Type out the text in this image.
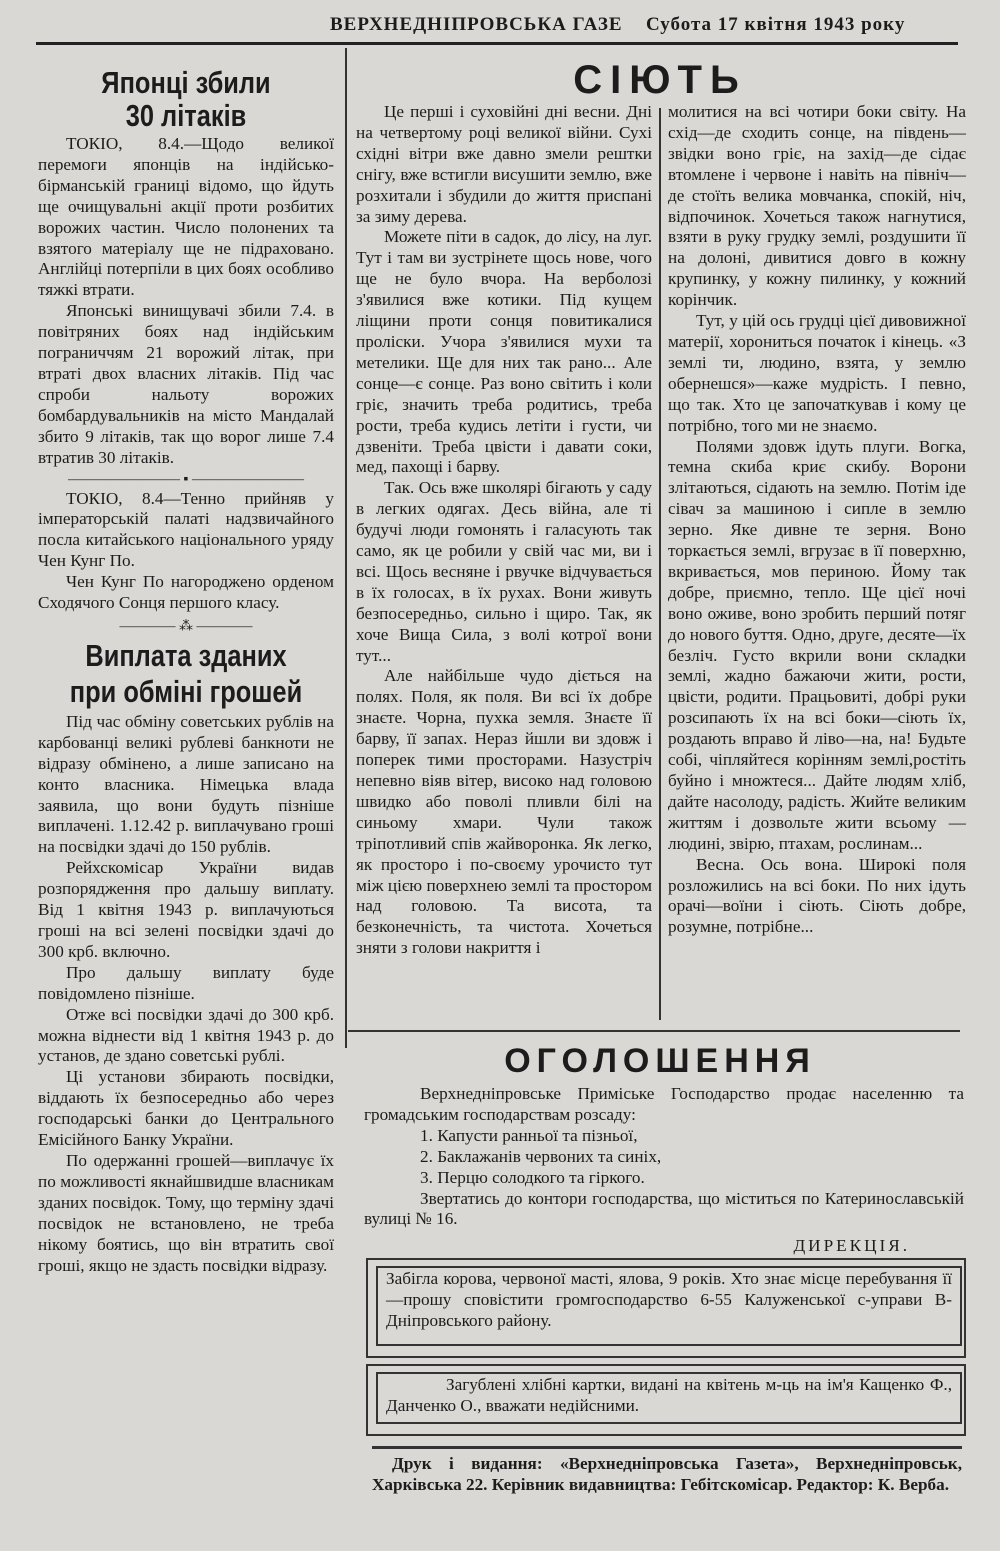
ВЕРХНЕДНІПРОВСЬКА ГАЗЕ Субота 17 квітня 1943 року
Японці збили
30 літаків

ТОКІО, 8.4.—Щодо великої перемоги японців на індійсько-бірманській границі відомо, що йдуть ще очищувальні акції проти розбитих ворожих частин. Число полонених та взятого матеріалу ще не підраховано. Англійці потерпіли в цих боях особливо тяжкі втрати.

Японські винищувачі збили 7.4. в повітряних боях над індійським пограниччям 21 ворожий літак, при втраті двох власних літаків. Під час спроби нальоту ворожих бомбардувальників на місто Мандалай збито 9 літаків, так що ворог лише 7.4 втратив 30 літаків.

———————— ▪ ————————

ТОКІО, 8.4—Тенно прийняв у імператорській палаті надзвичайного посла китайського національного уряду Чен Кунг По.

Чен Кунг По нагороджено орденом Сходячого Сонця першого класу.

———— ⁂ ————
Виплата зданих
при обміні грошей

Під час обміну советських рублів на карбованці великі рублеві банкноти не відразу обмінено, а лише записано на конто власника. Німецька влада заявила, що вони будуть пізніше виплачені. 1.12.42 р. виплачувано гроші на посвідки здачі до 150 рублів.

Рейхскомісар України видав розпорядження про дальшу виплату. Від 1 квітня 1943 р. виплачуються гроші на всі зелені посвідки здачі до 300 крб. включно.

Про дальшу виплату буде повідомлено пізніше.

Отже всі посвідки здачі до 300 крб. можна віднести від 1 квітня 1943 р. до установ, де здано советські рублі.

Ці установи збирають посвідки, віддають їх безпосередньо або через господарські банки до Центрального Емісійного Банку України.

По одержанні грошей—виплачує їх по можливості якнайшвидше власникам зданих посвідок. Тому, що терміну здачі посвідок не встановлено, не треба нікому боятись, що він втратить свої гроші, якщо не здасть посвідки відразу.

СІЮТЬ

Це перші і суховійні дні весни. Дні на четвертому році великої війни. Сухі східні вітри вже давно змели рештки снігу, вже встигли висушити землю, вже розхитали і збудили до життя приспані за зиму дерева.

Можете піти в садок, до лісу, на луг. Тут і там ви зустрінете щось нове, чого ще не було вчора. На верболозі з'явилися вже котики. Під кущем ліщини проти сонця повитикалися проліски. Учора з'явилися мухи та метелики. Ще для них так рано... Але сонце—є сонце. Раз воно світить і коли гріє, значить треба родитись, треба рости, треба кудись летіти і густи, чи дзвеніти. Треба цвісти і давати соки, мед, пахощі і барву.

Так. Ось вже школярі бігають у саду в легких одягах. Десь війна, але ті будучі люди гомонять і галасують так само, як це робили у свій час ми, ви і всі. Щось весняне і рвучке відчувається в їх голосах, в їх рухах. Вони живуть безпосередньо, сильно і щиро. Так, як хоче Вища Сила, з волі котрої вони тут...

Але найбільше чудо діється на полях. Поля, як поля. Ви всі їх добре знаєте. Чорна, пухка земля. Знаєте її барву, її запах. Нераз йшли ви здовж і поперек тими просторами. Назустріч непевно віяв вітер, високо над головою швидко або поволі пливли білі на синьому хмари. Чули також тріпотливий спів жайворонка. Як легко, як просторо і по-своєму урочисто тут між цією поверхнею землі та простором над головою. Та висота, та безконечність, та чистота. Хочеться зняти з голови накриття і

молитися на всі чотири боки світу. На схід—де сходить сонце, на південь—звідки воно гріє, на захід—де сідає втомлене і червоне і навіть на північ—де стоїть велика мовчанка, спокій, ніч, відпочинок. Хочеться також нагнутися, взяти в руку грудку землі, роздушити її на долоні, дивитися довго в кожну крупинку, у кожну пилинку, у кожний корінчик.

Тут, у цій ось грудці цієї дивовижної матерії, хорониться початок і кінець. «З землі ти, людино, взята, у землю обернешся»—каже мудрість. І певно, що так. Хто це започаткував і кому це потрібно, того ми не знаємо.

Полями здовж ідуть плуги. Вогка, темна скиба криє скибу. Ворони злітаються, сідають на землю. Потім іде сівач за машиною і сипле в землю зерно. Яке дивне те зерня. Воно торкається землі, вгрузає в її поверхню, вкривається, мов периною. Йому так добре, приємно, тепло. Ще цієї ночі воно оживе, воно зробить перший потяг до нового буття. Одно, друге, десяте—їх безліч. Густо вкрили вони складки землі, жадно бажаючи жити, рости, цвісти, родити. Працьовиті, добрі руки розсипають їх на всі боки—сіють їх, роздають вправо й ліво—на, на! Будьте собі, чіпляйтеся корінням землі,ростіть буйно і множтеся... Дайте людям хліб, дайте насолоду, радість. Жийте великим життям і дозвольте жити всьому — людині, звірю, птахам, рослинам...

Весна. Ось вона. Широкі поля розложились на всі боки. По них ідуть орачі—воїни і сіють. Сіють добре, розумне, потрібне...

ОГОЛОШЕННЯ

Верхнедніпровське Приміське Господарство продає населенню та громадським господарствам розсаду:

1. Капусти ранньої та пізньої,

2. Баклажанів червоних та синіх,

3. Перцю солодкого та гіркого.

Звертатись до контори господарства, що міститься по Катеринославській вулиці № 16.

ДИРЕКЦІЯ.

Забігла корова, червоної масті, ялова, 9 років. Хто знає місце перебування її—прошу сповістити громгосподарство 6-55 Калуженської с-управи В-Дніпровського району.
Загублені хлібні картки, видані на квітень м-ць на ім'я Кащенко Ф., Данченко О., вважати недійсними.

Друк і видання: «Верхнедніпровська Газета», Верхнедніпровськ, Харківська 22. Керівник видавництва: Гебітскомісар. Редактор: К. Верба.
